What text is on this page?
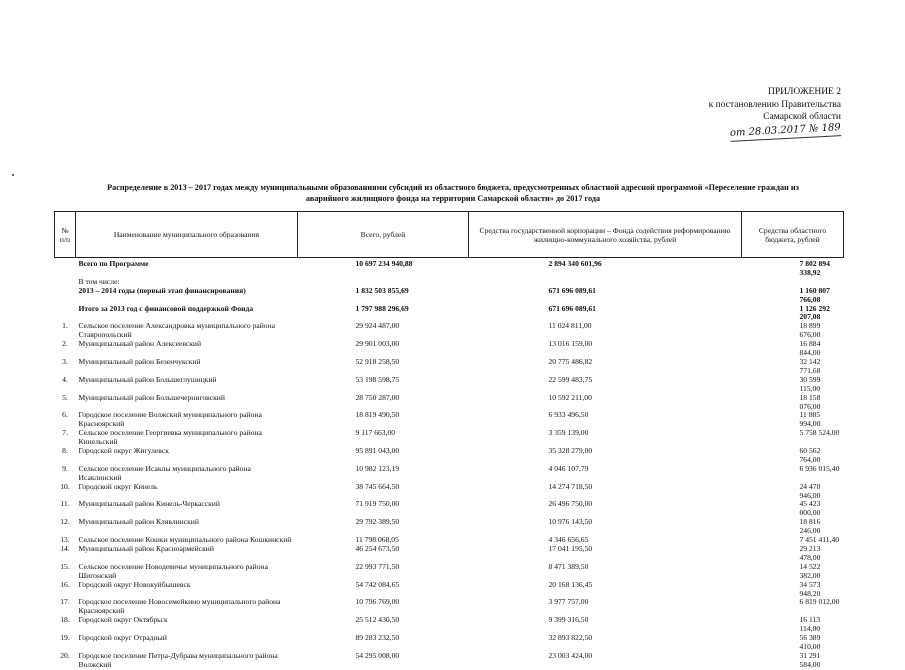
ПРИЛОЖЕНИЕ 2
к постановлению Правительства
Самарской области
от 28.03.2017 № 189
Распределение в 2013 – 2017 годах между муниципальными образованиями субсидий из областного бюджета, предусмотренных областной адресной программой «Переселение граждан из
аварийного жилищного фонда на территории Самарской области» до 2017 года
№ п/п	Наименование муниципального образования	Всего, рублей	Средства государственной корпорации – Фонда содействия реформированию жилищно-коммунального хозяйства, рублей	Средства областного бюджета, рублей
	Всего по Программе	10 697 234 940,88	2 894 340 601,96	7 802 894 338,92
	В том числе:			
	2013 – 2014 годы (первый этап финансирования)	1 832 503 855,69	671 696 089,61	1 160 807 766,08
	Итого за 2013 год с финансовой поддержкой Фонда	1 797 988 296,69	671 696 089,61	1 126 292 207,08
1.	Сельское поселение Александровка муниципального района Ставропольский	29 924 487,00	11 024 811,00	18 899 676,00
2.	Муниципальный район Алексеевский	29 901 003,00	13 016 159,00	16 884 844,00
3.	Муниципальный район Безенчукский	52 918 258,50	20 775 486,82	32 142 771,68
4.	Муниципальный район Большеглушицкий	53 198 598,75	22 599 483,75	30 599 115,00
5.	Муниципальный район Большечерниговский	28 750 287,00	10 592 211,00	18 158 076,00
6.	Городское поселение Волжский муниципального района Красноярский	18 819 490,50	6 933 496,50	11 885 994,00
7.	Сельское поселение Георгиевка муниципального района Кинельский	9 117 663,00	3 359 139,00	5 758 524,00
8.	Городской округ Жигулевск	95 891 043,00	35 328 279,00	60 562 764,00
9.	Сельское поселение Исаклы муниципального района Исаклинский	10 982 123,19	4 046 107,79	6 936 015,40
10.	Городской округ Кинель	38 745 664,50	14 274 718,50	24 470 946,00
11.	Муниципальный район Кинель-Черкасский	71 919 750,00	26 496 750,00	45 423 000,00
12.	Муниципальный район Клявлинский	29 792 389,50	10 976 143,50	18 816 246,00
13.	Сельское поселение Кошки муниципального района Кошкинский	11 798 068,05	4 346 656,65	7 451 411,40
14.	Муниципальный район Красноармейский	46 254 673,50	17 041 195,50	29 213 478,00
15.	Сельское поселение Новодевичье муниципального района Шигонский	22 993 771,50	8 471 389,50	14 522 382,00
16.	Городской округ Новокуйбышевск	54 742 084,65	20 168 136,45	34 573 948,20
17.	Городское поселение Новосемейкино муниципального района Красноярский	10 796 769,00	3 977 757,00	6 819 012,00
18.	Городской округ Октябрьск	25 512 430,50	9 399 316,50	16 113 114,00
19.	Городской округ Отрадный	89 283 232,50	32 893 822,50	56 389 410,00
20.	Городское поселение Петра-Дубрава муниципального района Волжский	54 295 008,00	23 003 424,00	31 291 584,00
